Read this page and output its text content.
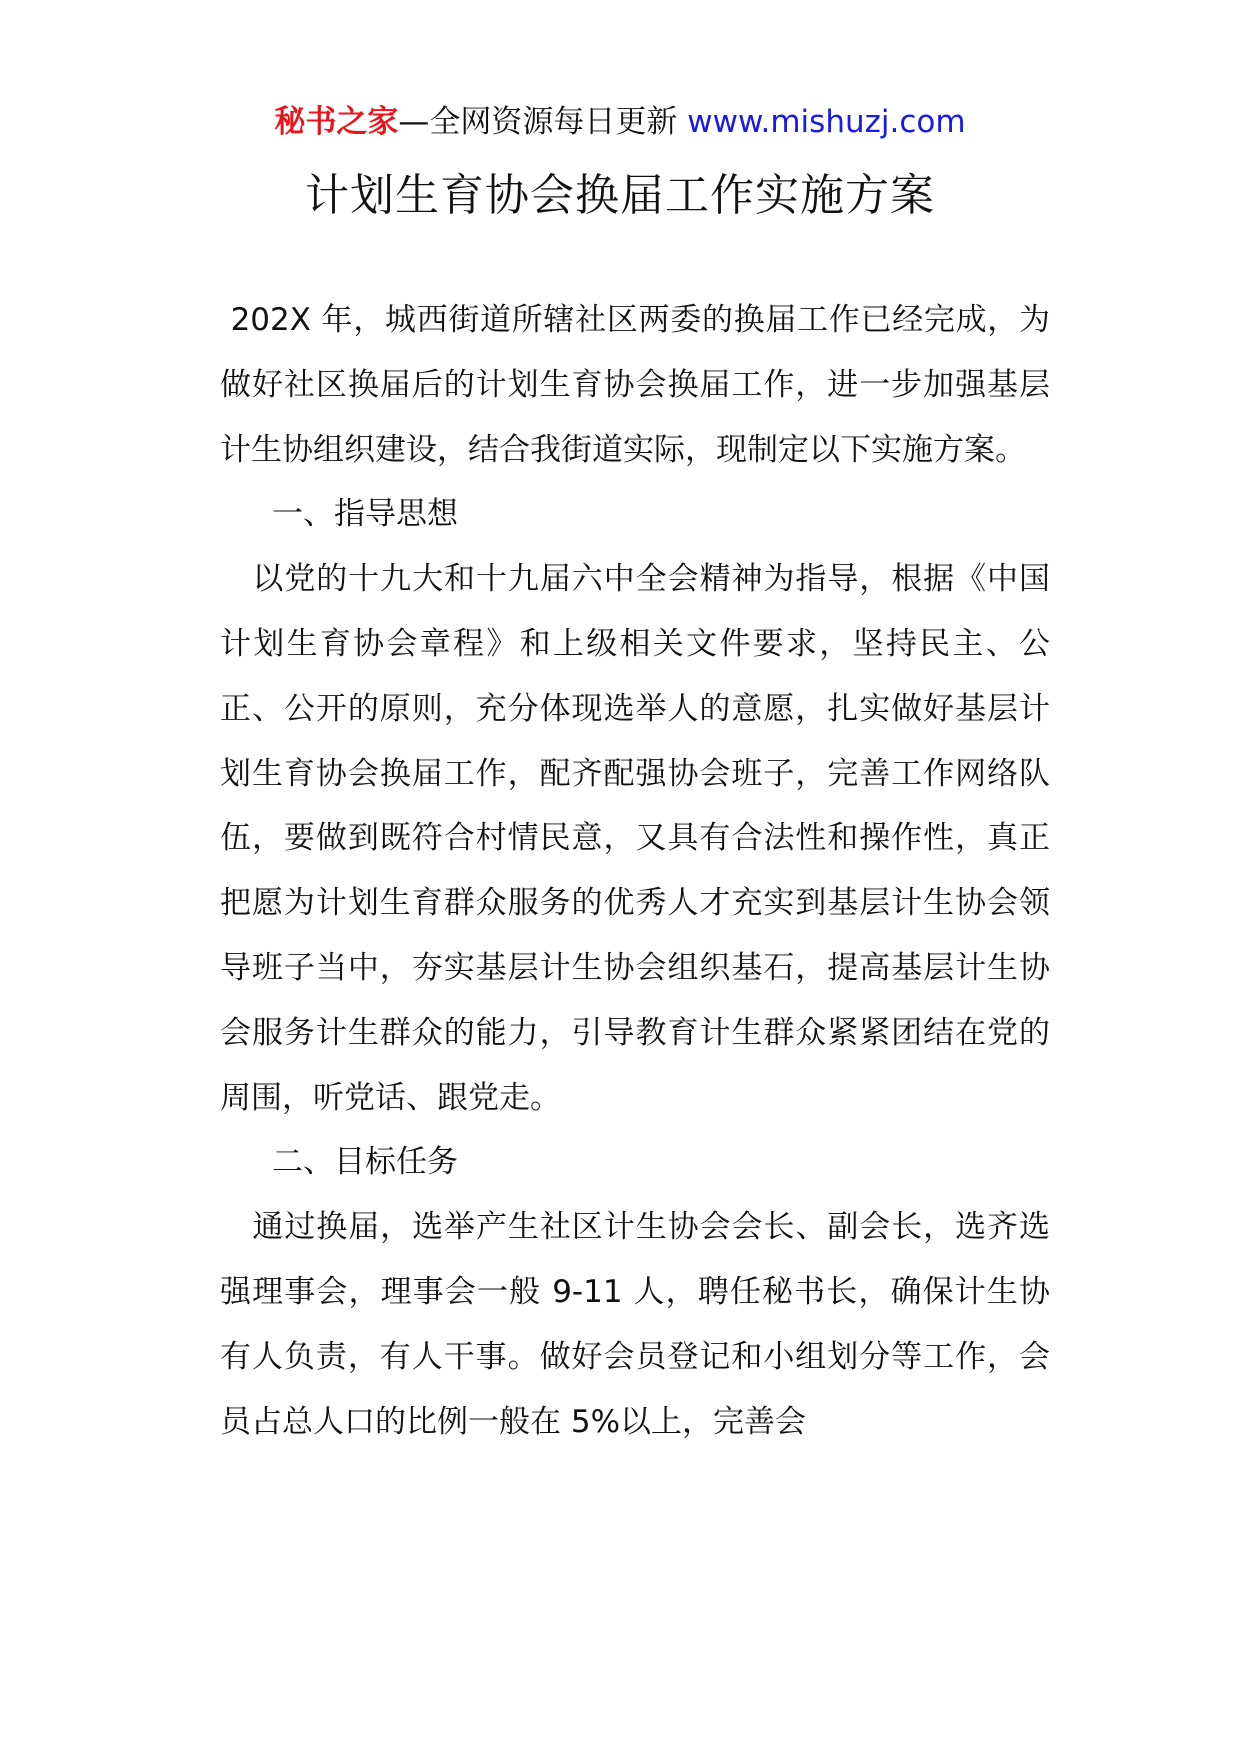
秘书之家—全网资源每日更新 www.mishuzj.com
计划生育协会换届工作实施方案

202X 年，城西街道所辖社区两委的换届工作已经完成，为做好社区换届后的计划生育协会换届工作，进一步加强基层计生协组织建设，结合我街道实际，现制定以下实施方案。

一、指导思想

以党的十九大和十九届六中全会精神为指导，根据《中国计划生育协会章程》和上级相关文件要求，坚持民主、公正、公开的原则，充分体现选举人的意愿，扎实做好基层计划生育协会换届工作，配齐配强协会班子，完善工作网络队伍，要做到既符合村情民意，又具有合法性和操作性，真正把愿为计划生育群众服务的优秀人才充实到基层计生协会领导班子当中，夯实基层计生协会组织基石，提高基层计生协会服务计生群众的能力，引导教育计生群众紧紧团结在党的周围，听党话、跟党走。

二、目标任务

通过换届，选举产生社区计生协会会长、副会长，选齐选强理事会，理事会一般 9-11 人，聘任秘书长，确保计生协有人负责，有人干事。做好会员登记和小组划分等工作，会员占总人口的比例一般在 5%以上，完善会
